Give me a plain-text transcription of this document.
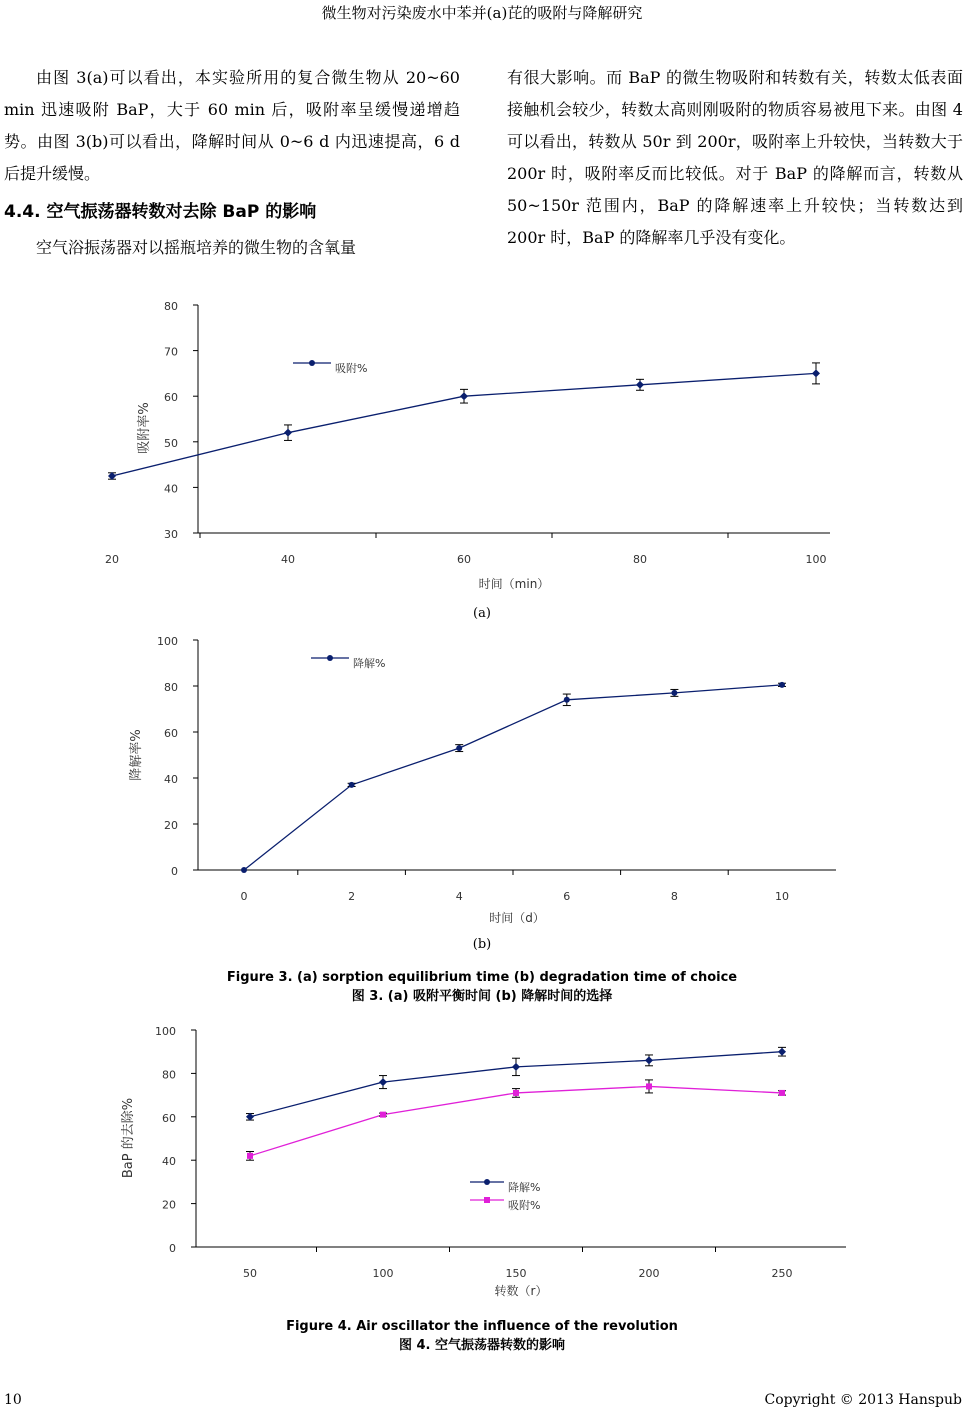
微生物对污染废水中苯并(a)芘的吸附与降解研究

由图 3(a)可以看出，本实验所用的复合微生物从 20~60 min 迅速吸附 BaP，大于 60 min 后，吸附率呈缓慢递增趋势。由图 3(b)可以看出，降解时间从 0~6 d 内迅速提高，6 d 后提升缓慢。

4.4. 空气振荡器转数对去除 BaP 的影响

空气浴振荡器对以摇瓶培养的微生物的含氧量

有很大影响。而 BaP 的微生物吸附和转数有关，转数太低表面接触机会较少，转数太高则刚吸附的物质容易被甩下来。由图 4 可以看出，转数从 50r 到 200r，吸附率上升较快，当转数大于 200r 时，吸附率反而比较低。对于 BaP 的降解而言，转数从 50~150r 范围内，BaP 的降解速率上升较快；当转数达到 200r 时，BaP 的降解率几乎没有变化。

30
40
50
60
70
80
20	40	60	80	100
时间（min）
吸附率%
吸附%
(a)
0
20
40
60
80
100
0	2	4	6	8	10
时间（d）
降解率%
降解%
(b)
Figure 3. (a) sorption equilibrium time (b) degradation time of choice
图 3. (a) 吸附平衡时间 (b) 降解时间的选择
0
20
40
60
80
100
50	100	150	200	250
转数（r）
BaP 的去除%
降解%
吸附%
Figure 4. Air oscillator the influence of the revolution
图 4. 空气振荡器转数的影响
10	Copyright © 2013 Hanspub
